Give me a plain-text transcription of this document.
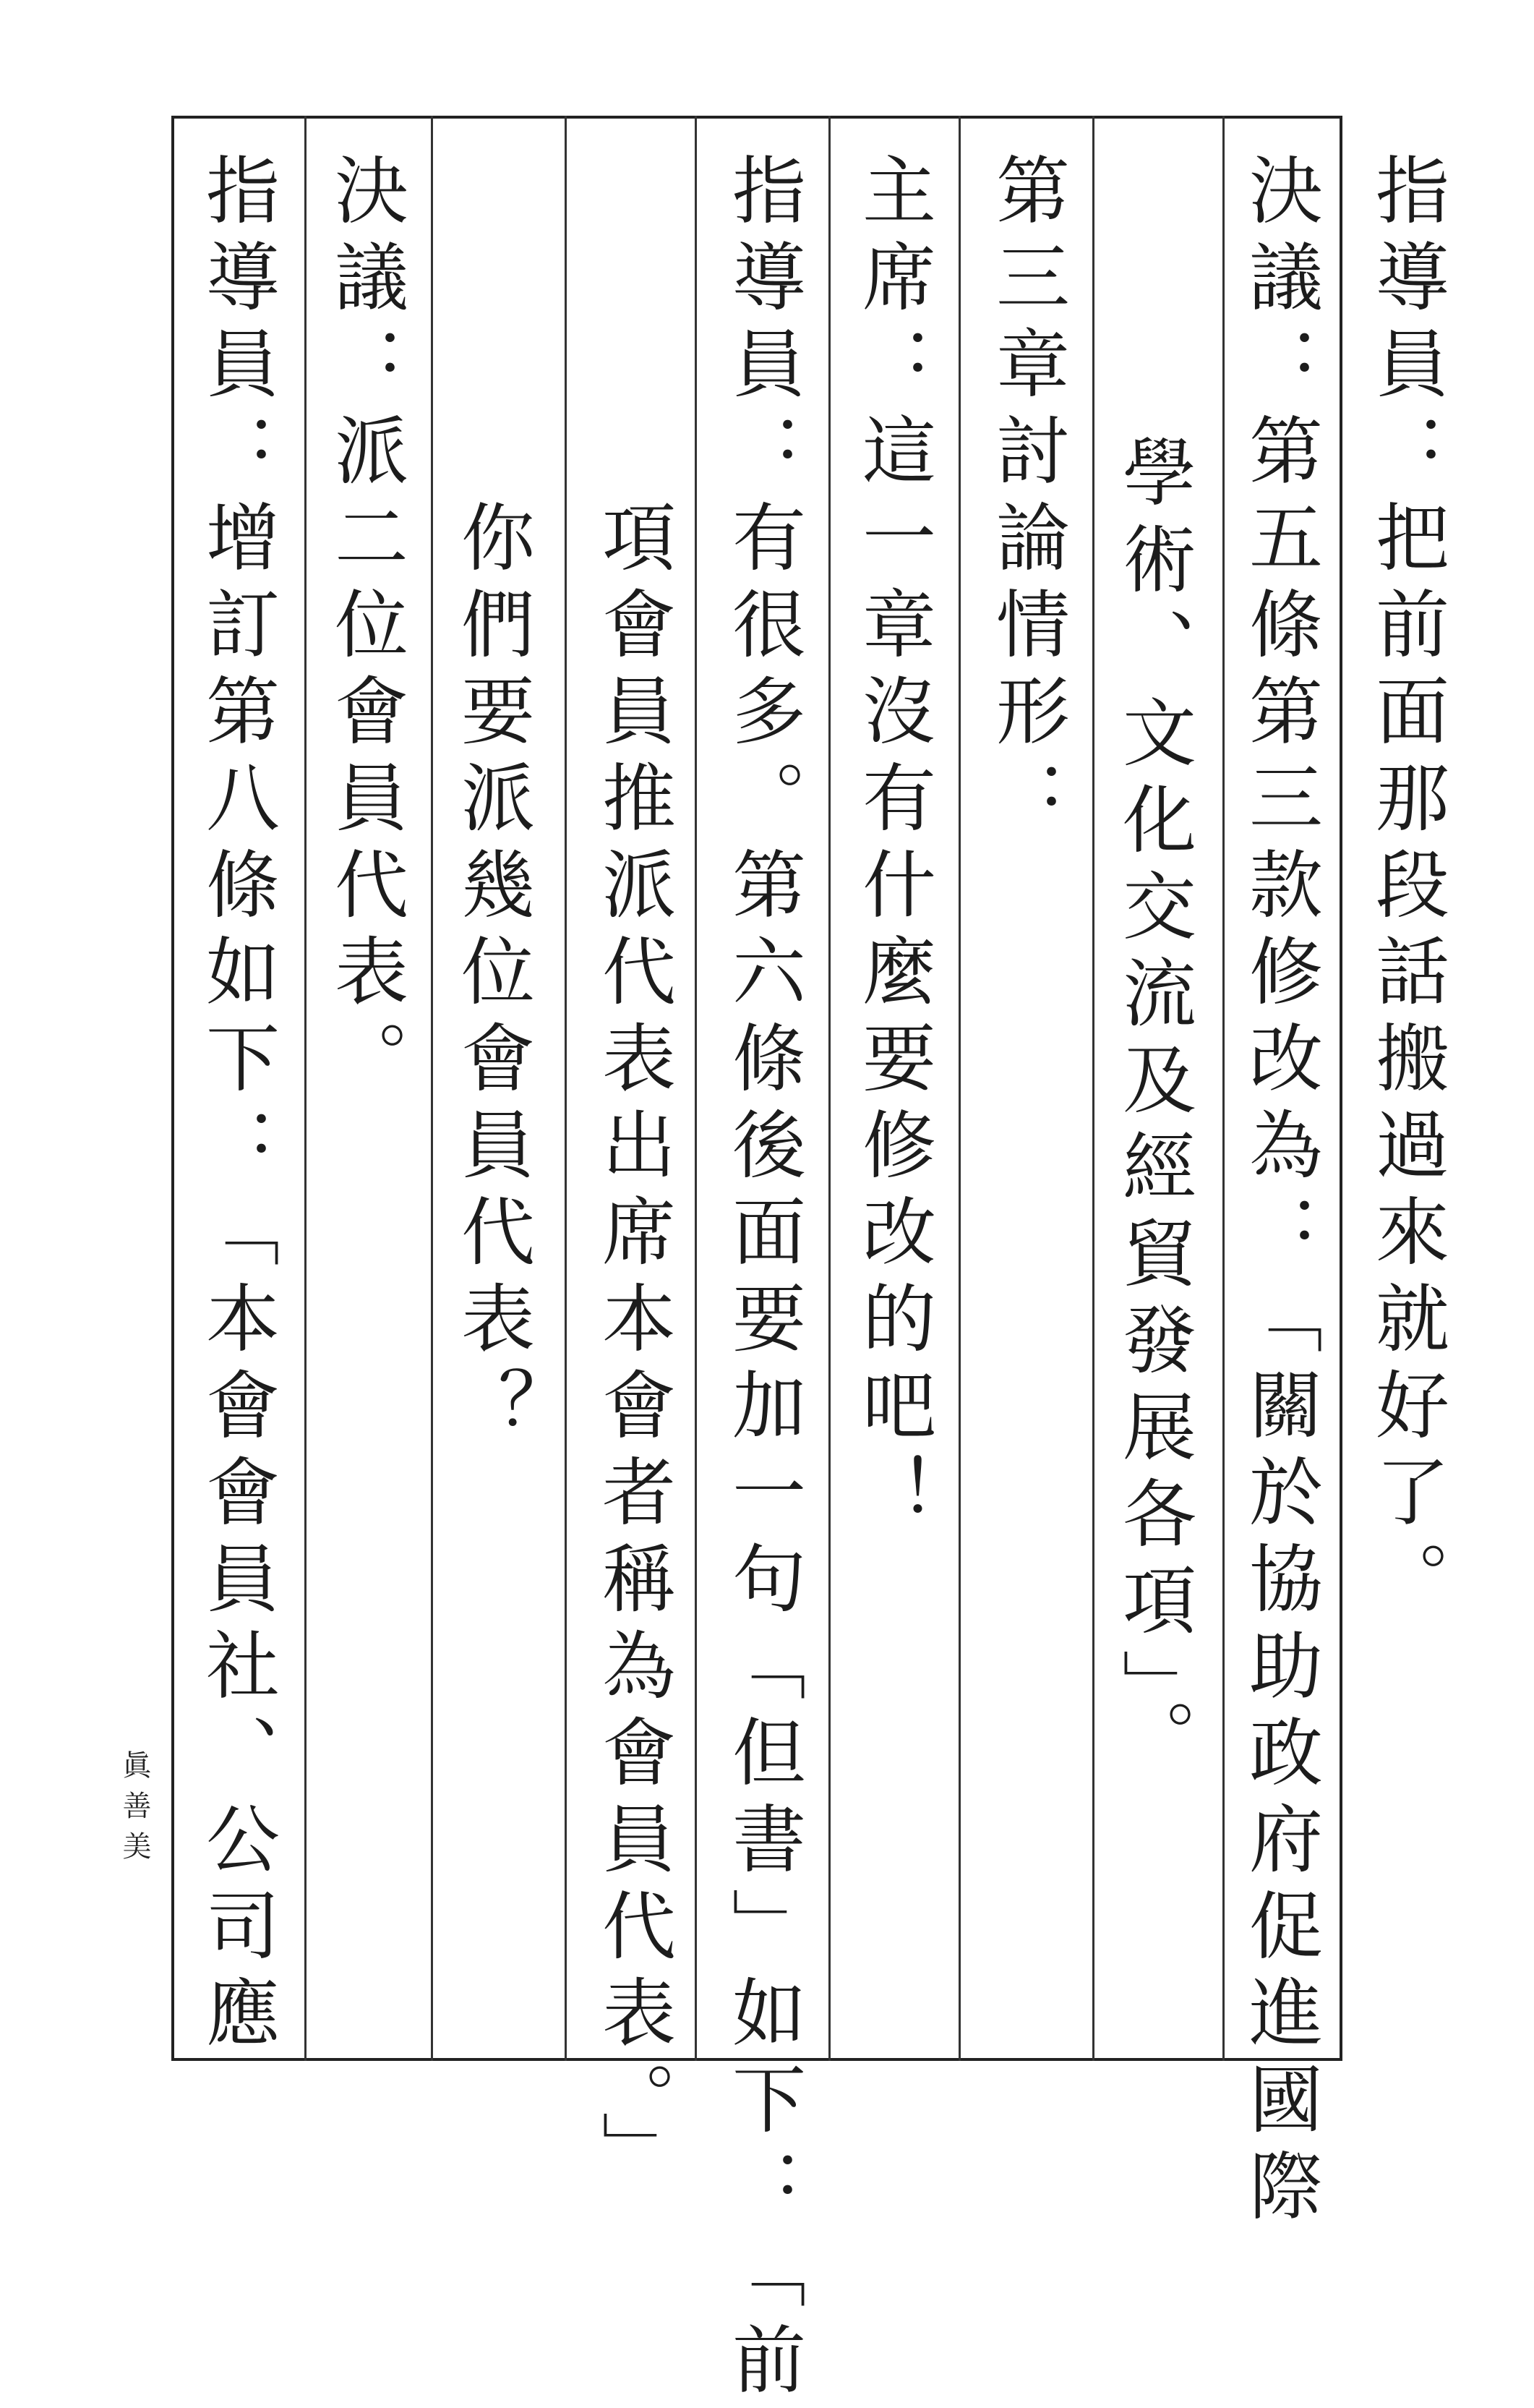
指導員：把前面那段話搬過來就好了。
決議：第五條第三款修改為：「關於協助政府促進國際
學術、文化交流及經貿發展各項」。
第三章討論情形：
主席：這一章沒有什麼要修改的吧！
指導員：有很多。第六條後面要加一句「但書」如下：「前
項會員推派代表出席本會者稱為會員代表。」
你們要派幾位會員代表？
決議：派二位會員代表。
指導員：增訂第八條如下：「本會會員社、公司應
眞善美
